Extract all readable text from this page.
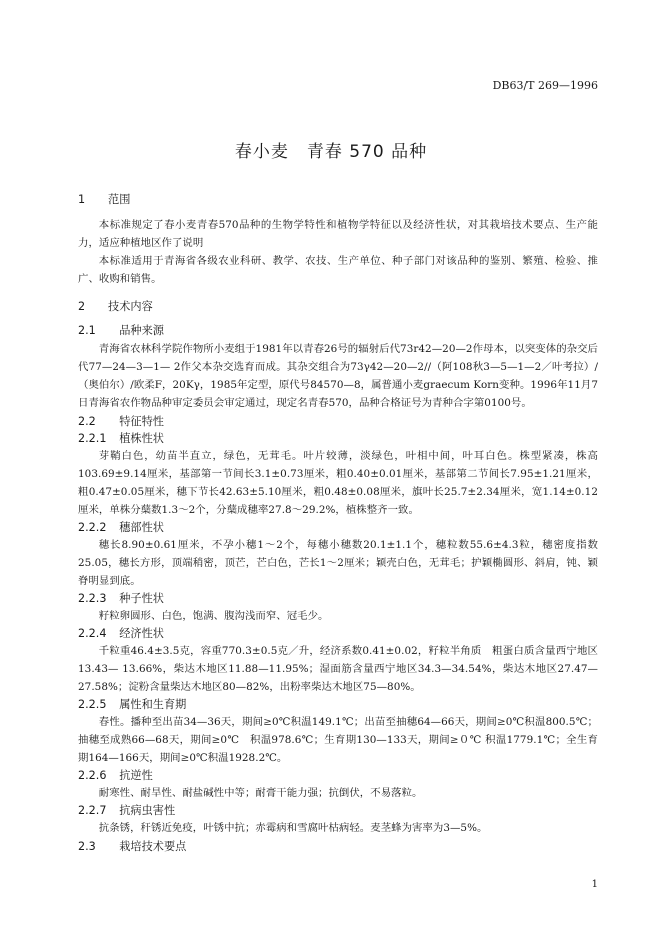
DB63/T 269—1996
春小麦　青春 570 品种
1 范围

本标准规定了春小麦青春570品种的生物学特性和植物学特征以及经济性状，对其栽培技术要点、生产能力，适应种植地区作了说明

本标准适用于青海省各级农业科研、教学、农技、生产单位、种子部门对该品种的鉴别、繁殖、检验、推广、收购和销售。

2 技术内容
2.1　 品种来源

青海省农林科学院作物所小麦组于1981年以青春26号的辐射后代73r42—20—2作母本，以突变体的杂交后代77—24—3—1— 2作父本杂交选育而成。其杂交组合为73γ42—20—2//（阿108秋3—5—1—2／叶考拉）/（奥伯尔）/欧柔F，20Kγ，1985年定型，原代号84570—8，属普通小麦graecum Korn变种。1996年11月7日青海省农作物品种审定委员会审定通过，现定名青春570，品种合格证号为青种合字第0100号。

2.2　 特征特性
2.2.1　 植株性状

芽鞘白色，幼苗半直立，绿色，无茸毛。叶片较薄，淡绿色，叶相中间，叶耳白色。株型紧凑，株高103.69±9.14厘米，基部第一节间长3.1±0.73厘米，粗0.40±0.01厘米，基部第二节间长7.95±1.21厘米，粗0.47±0.05厘米，穗下节长42.63±5.10厘米，粗0.48±0.08厘米，旗叶长25.7±2.34厘米，宽1.14±0.12厘米，单株分蘖数1.3～2个，分蘖成穗率27.8～29.2%，植株整齐一致。

2.2.2　 穗部性状

穗长8.90±0.61厘米，不孕小穗1～2个，每穗小穗数20.1±1.1个，穗粒数55.6±4.3粒，穗密度指数25.05，穗长方形，顶端稍密，顶芒，芒白色，芒长1～2厘米；颖壳白色，无茸毛；护颖椭圆形、斜肩，钝、颖脊明显到底。

2.2.3　 种子性状

籽粒卵圆形、白色，饱满、腹沟浅而窄、冠毛少。

2.2.4　 经济性状

千粒重46.4±3.5克，容重770.3±0.5克／升，经济系数0.41±0.02，籽粒半角质　粗蛋白质含量西宁地区13.43— 13.66%，柴达木地区11.88—11.95%；湿面筋含量西宁地区34.3—34.54%，柴达木地区27.47—27.58%；淀粉含量柴达木地区80—82%，出粉率柴达木地区75—80%。

2.2.5　 属性和生育期

春性。播种至出苗34—36天，期间≥0℃积温149.1℃；出苗至抽穗64—66天，期间≥0℃积温800.5℃；抽穗至成熟66—68天，期间≥0℃　积温978.6℃；生育期130—133天，期间≥０℃ 积温1779.1℃；全生育期164—166天，期间≥0℃积温1928.2℃。

2.2.6　 抗逆性

耐寒性、耐旱性、耐盐碱性中等；耐膏干能力强；抗倒伏，不易落粒。

2.2.7　 抗病虫害性

抗条锈，秆锈近免疫，叶锈中抗；赤霉病和雪腐叶枯病轻。麦茎蜂为害率为3—5%。

2.3　 栽培技术要点
1
